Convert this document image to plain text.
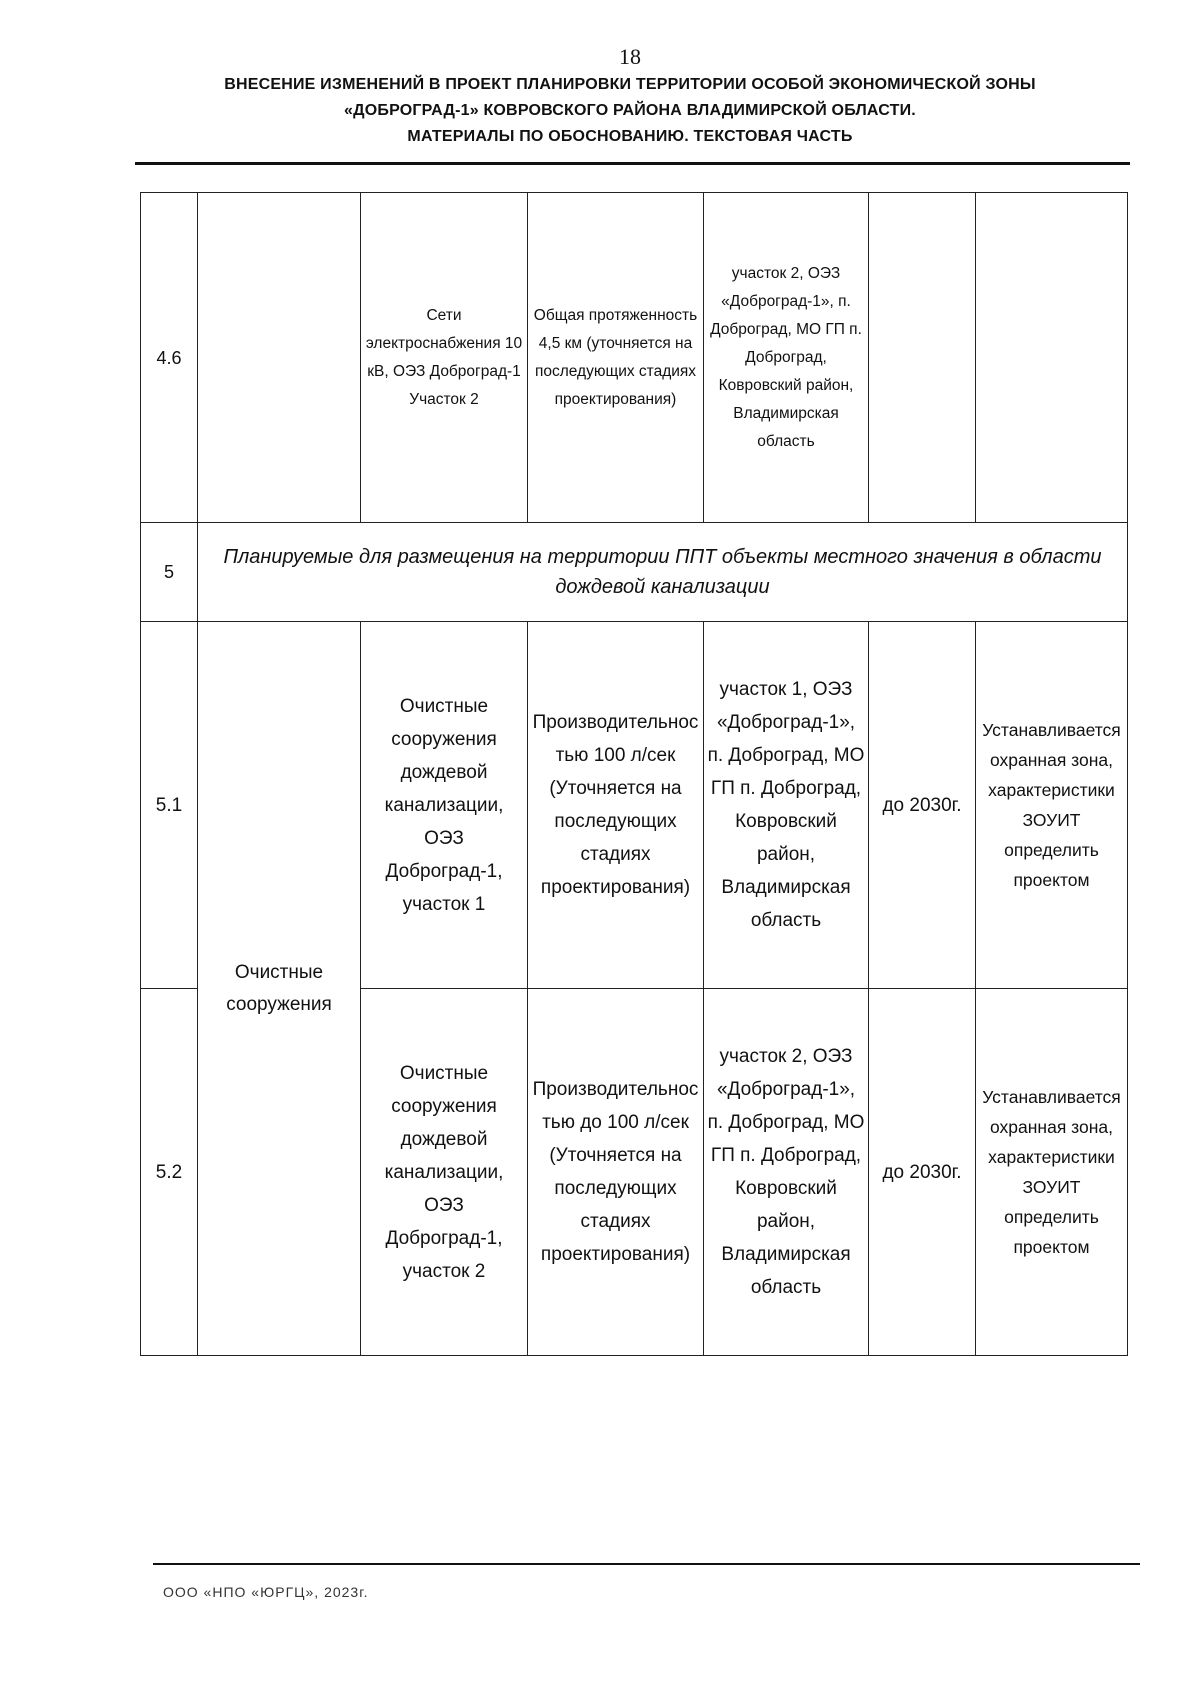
18
ВНЕСЕНИЕ ИЗМЕНЕНИЙ В ПРОЕКТ ПЛАНИРОВКИ ТЕРРИТОРИИ ОСОБОЙ ЭКОНОМИЧЕСКОЙ ЗОНЫ
«ДОБРОГРАД-1» КОВРОВСКОГО РАЙОНА ВЛАДИМИРСКОЙ ОБЛАСТИ.
МАТЕРИАЛЫ ПО ОБОСНОВАНИЮ. ТЕКСТОВАЯ ЧАСТЬ
4.6		Сети электроснабжения 10 кВ, ОЭЗ Доброград-1 Участок 2	Общая протяженность 4,5 км (уточняется на последующих стадиях проектирования)	участок 2, ОЭЗ «Доброград-1», п. Доброград, МО ГП п. Доброград, Ковровский район, Владимирская область		
5	Планируемые для размещения на территории ППТ объекты местного значения в области дождевой канализации					
5.1	Очистные сооружения	Очистные сооружения дождевой канализации, ОЭЗ Доброград-1, участок 1	Производительностью 100 л/сек (Уточняется на последующих стадиях проектирования)	участок 1, ОЭЗ «Доброград-1», п. Доброград, МО ГП п. Доброград, Ковровский район, Владимирская область	до 2030г.	Устанавливается охранная зона, характеристики ЗОУИТ определить проектом
5.2		Очистные сооружения дождевой канализации, ОЭЗ Доброград-1, участок 2	Производительностью до 100 л/сек (Уточняется на последующих стадиях проектирования)	участок 2, ОЭЗ «Доброград-1», п. Доброград, МО ГП п. Доброград, Ковровский район, Владимирская область	до 2030г.	Устанавливается охранная зона, характеристики ЗОУИТ определить проектом
ООО «НПО «ЮРГЦ», 2023г.
